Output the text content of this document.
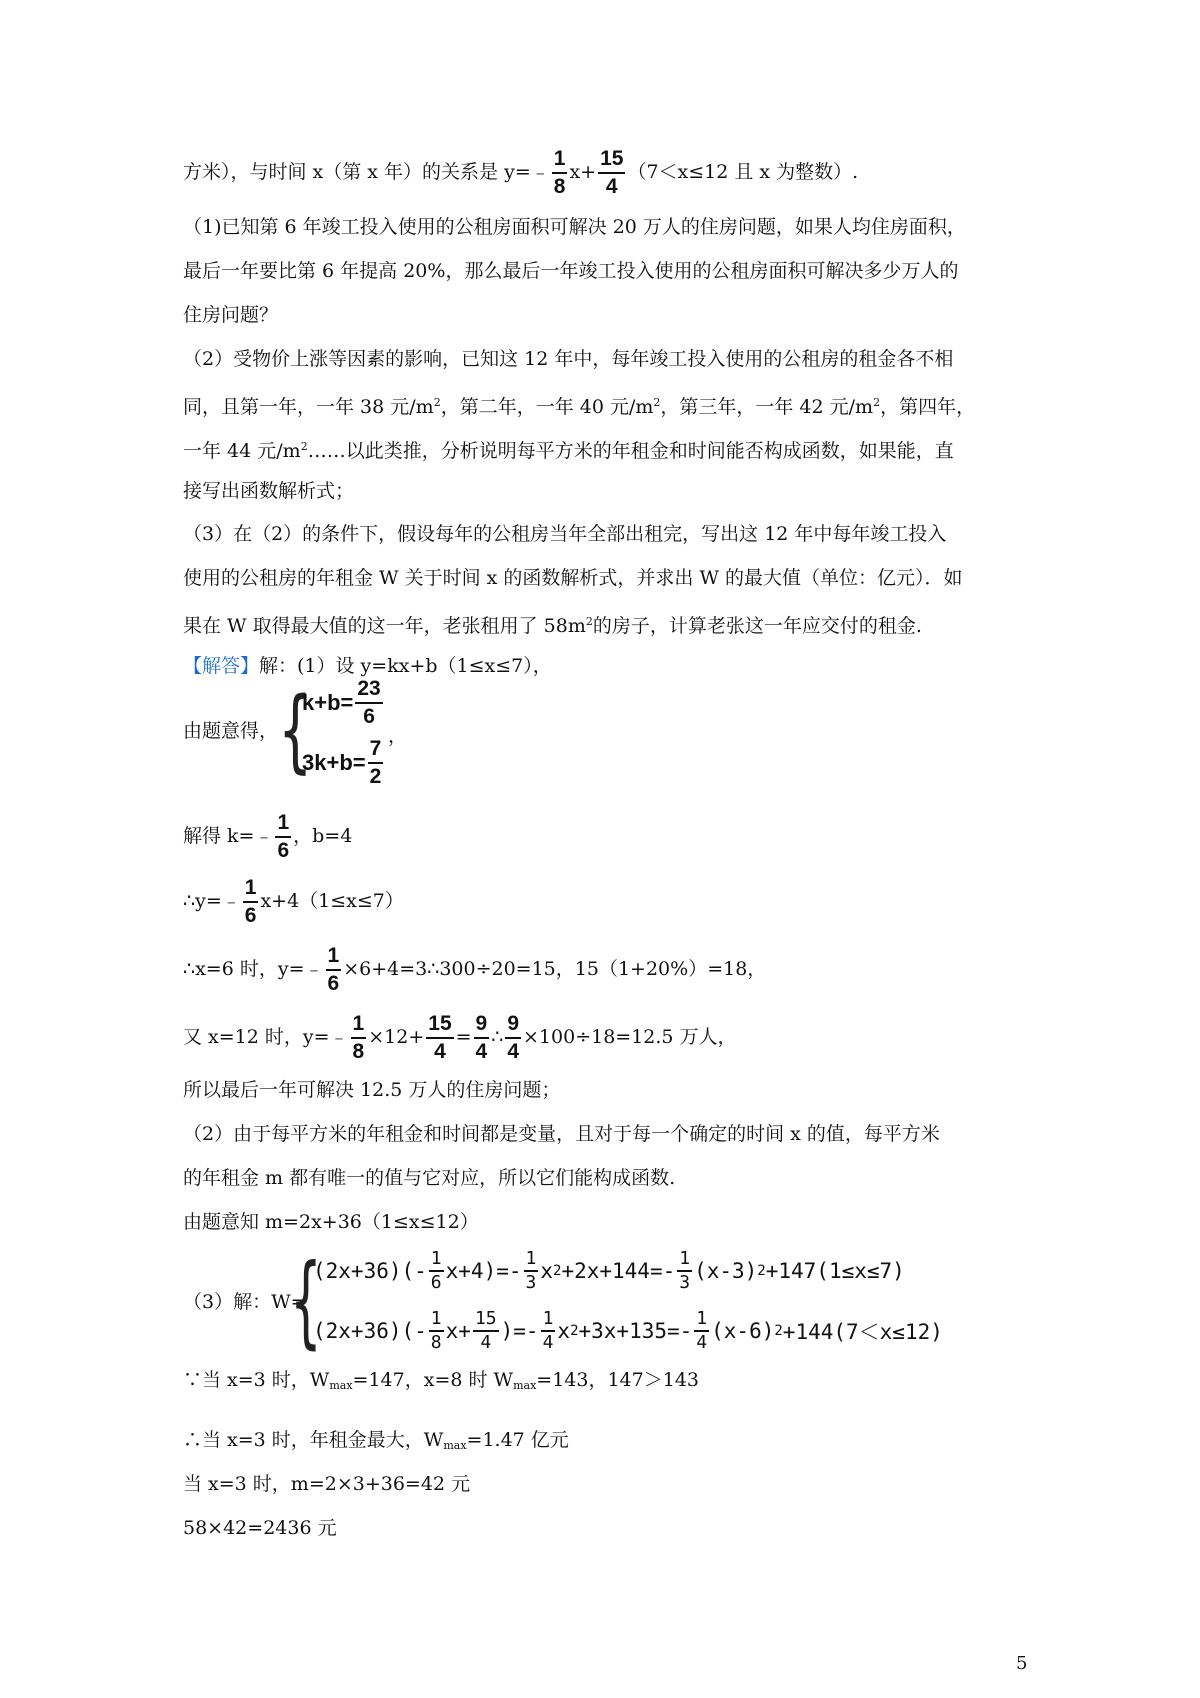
方米），与时间 x（第 x 年）的关系是 y=﹣ $\frac{1}{8} x+ \frac{15}{4} (7<x\le 12$ 且 x 为整数）.
（1)已知第 6 年竣工投入使用的公租房面积可解决 20 万人的住房问题，如果人均住房面积，
最后一年要比第 6 年提高 20%，那么最后一年竣工投入使用的公租房面积可解决多少万人的
住房问题？
（2）受物价上涨等因素的影响，已知这 12 年中，每年竣工投入使用的公租房的租金各不相
同，且第一年，一年 38 元$/m^2$，第二年，一年 40 元$/m^2$，第三年，一年 42 元$/m^2$，第四年，
一年 44 元$/m^2\dots\dots$以此类推，分析说明每平方米的年租金和时间能否构成函数，如果能，直
接写出函数解析式；
（3）在（2）的条件下，假设每年的公租房当年全部出租完，写出这 12 年中每年竣工投入
使用的公租房的年租金 W 关于时间 x 的函数解析式，并求出 W 的最大值（单位：亿元）．如
果在 W 取得最大值的这一年，老张租用了 $58m^2$的房子，计算老张这一年应交付的租金.
【解答】解：(1）设 y=kx+b（1≤x≤7），
由题意得， {
$k+b= \frac{23}{6}$
，
$3k+b= \frac{7}{2}$
解得 k=﹣ $\frac{1}{6}$ ，b=4
∴y=﹣ $\frac{1}{6} x+4(1\le x\le 7)$
∴x=6 时，y=﹣ $\frac{1}{6}$ ×6+4=3∴300÷20=15，15（1+20%）=18，
又 x=12 时，y=﹣ $\frac{1}{8} \times 12+ \frac{15}{4} = \frac{9}{4}$ ∴ $\frac{9}{4} \times 100\div 18=12.5$ 万人，
所以最后一年可解决 12.5 万人的住房问题；
（2）由于每平方米的年租金和时间都是变量，且对于每一个确定的时间 x 的值，每平方米
的年租金 m 都有唯一的值与它对应，所以它们能构成函数.
由题意知 m=2x+36（1≤x≤12）
（3）解：W=
{
$(2x+36)(- \frac{1}{6} x+4)=- \frac{1}{3}$ x $2 +2x+144=- \frac{1}{3} (x-3)$ 2 +147(1≤x≤7)
$(2x+36)(- \frac{1}{8} x+ \frac{15}{4}$ )=- $\frac{1}{4}$ x $2 +3x+135=- \frac{1}{4} (x-6)$ 2 +144(7＜x≤12)
∵当 x=3 时，$W_{max}=147$，x=8 时 $W_{max}=143$，147＞143
∴当 x=3 时，年租金最大，$W_{max}=1.47$ 亿元
当 x=3 时，m=2×3+36=42 元
58×42=2436 元
5
